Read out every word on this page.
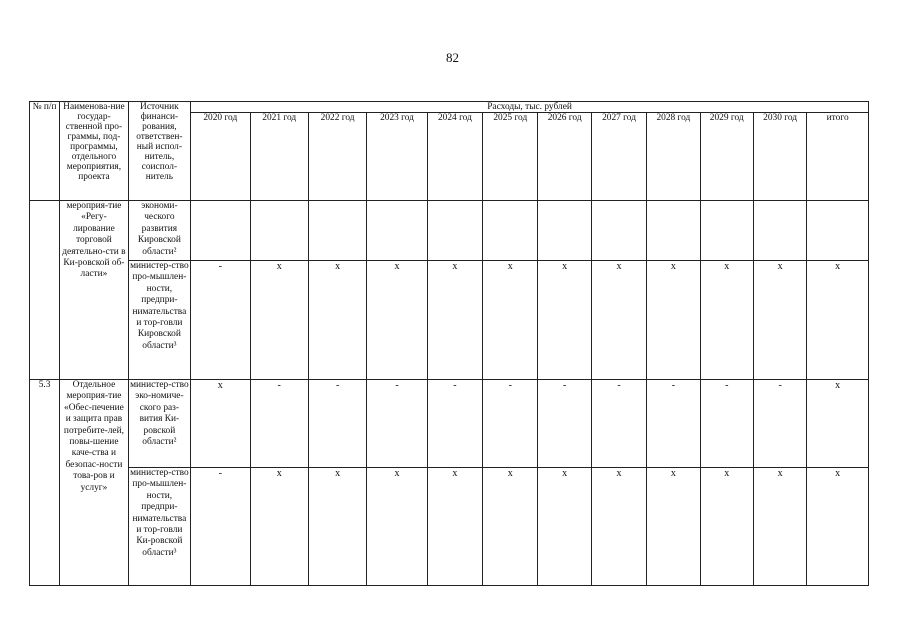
82
№ п/п	Наименова-ние государ-ственной про-граммы, под-программы, отдельного мероприятия, проекта	Источник финанси-рования, ответствен-ный испол-нитель, соиспол-нитель	Расходы, тыс. рублей											
			2020 год	2021 год	2022 год	2023 год	2024 год	2025 год	2026 год	2027 год	2028 год	2029 год	2030 год	итого
	мероприя-тие «Регу-лирование торговой деятельно-сти в Ки-ровской об-ласти»	экономи-ческого развития Кировской области²												
		министер-ство про-мышлен-ности, предпри-нимательства и тор-говли Кировской области³	-	x	x	x	x	x	x	x	x	x	x	x
5.3	Отдельное мероприя-тие «Обес-печение и защита прав потребите-лей, повы-шение каче-ства и безопас-ности това-ров и услуг»	министер-ство эко-номиче-ского раз-вития Ки-ровской области²	x	-	-	-	-	-	-	-	-	-	-	x
		министер-ство про-мышлен-ности, предпри-нимательства и тор-говли Ки-ровской области³	-	x	x	x	x	x	x	x	x	x	x	x
